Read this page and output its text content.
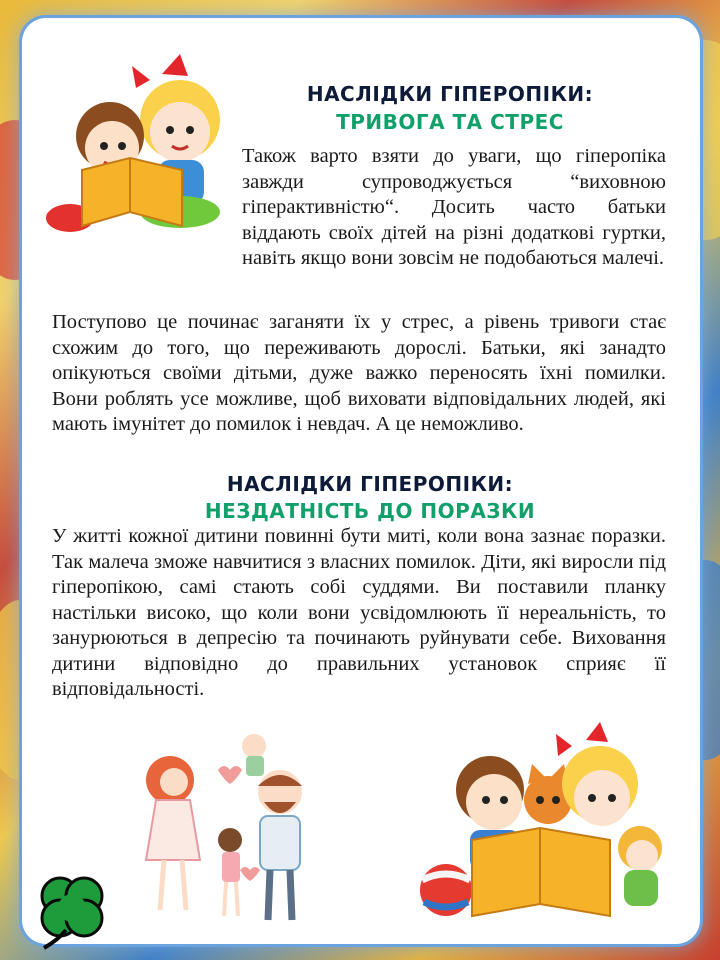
НАСЛІДКИ ГІПЕРОПІКИ:
ТРИВОГА ТА СТРЕС

Також варто взяти до уваги, що гіперопіка завжди супроводжується “виховною гіперактивністю“. Досить часто батьки віддають своїх дітей на різні додаткові гуртки, навіть якщо вони зовсім не подобаються малечі.

Поступово це починає заганяти їх у стрес, а рівень тривоги стає схожим до того, що переживають дорослі. Батьки, які занадто опікуються своїми дітьми, дуже важко переносять їхні помилки. Вони роблять усе можливе, щоб виховати відповідальних людей, які мають імунітет до помилок і невдач. А це неможливо.

НАСЛІДКИ ГІПЕРОПІКИ:
НЕЗДАТНІСТЬ ДО ПОРАЗКИ

У житті кожної дитини повинні бути миті, коли вона зазнає поразки. Так малеча зможе навчитися з власних помилок. Діти, які виросли під гіперопікою, самі стають собі суддями. Ви поставили планку настільки високо, що коли вони усвідомлюють її нереальність, то занурюються в депресію та починають руйнувати себе. Виховання дитини відповідно до правильних установок сприяє її відповідальності.
